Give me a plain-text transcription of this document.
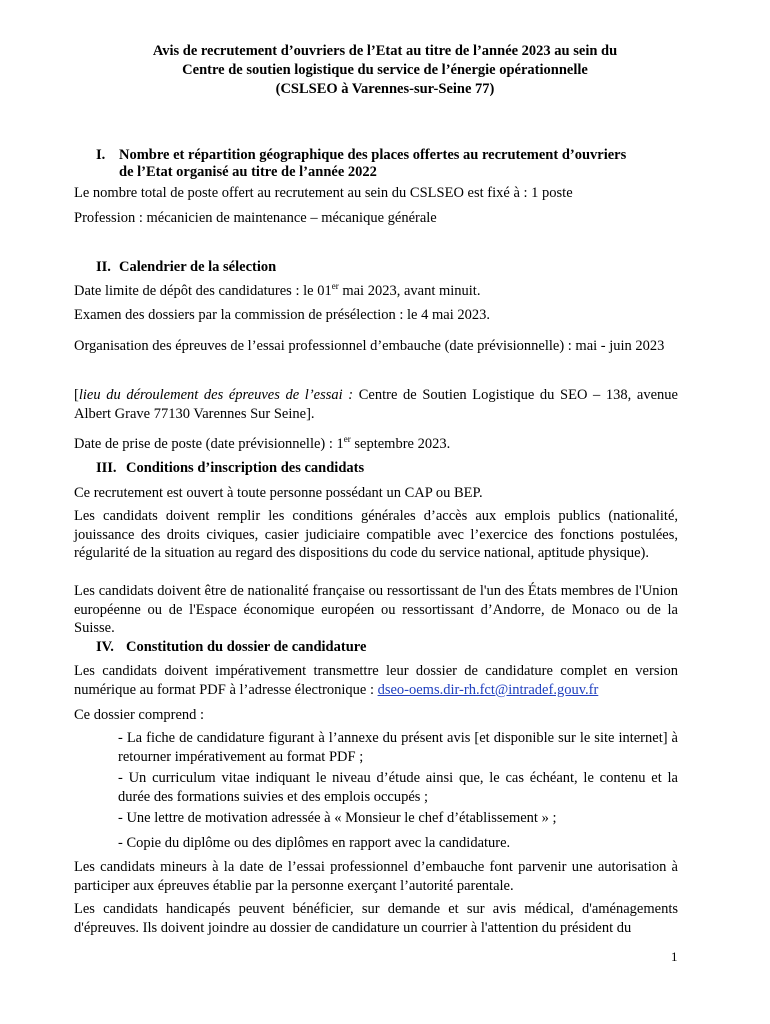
Avis de recrutement d’ouvriers de l’Etat au titre de l’année 2023 au sein du
Centre de soutien logistique du service de l’énergie opérationnelle
(CSLSEO à Varennes-sur-Seine 77)
I. Nombre et répartition géographique des places offertes au recrutement d’ouvriers
de l’Etat organisé au titre de l’année 2022
Le nombre total de poste offert au recrutement au sein du CSLSEO est fixé à : 1 poste
Profession : mécanicien de maintenance – mécanique générale
II. Calendrier de la sélection
Date limite de dépôt des candidatures : le 01er mai 2023, avant minuit.
Examen des dossiers par la commission de présélection : le 4 mai 2023.
Organisation des épreuves de l’essai professionnel d’embauche (date prévisionnelle) : mai - juin 2023
[lieu du déroulement des épreuves de l’essai : Centre de Soutien Logistique du SEO – 138, avenue Albert Grave 77130 Varennes Sur Seine].
Date de prise de poste (date prévisionnelle) : 1er septembre 2023.
III. Conditions d’inscription des candidats
Ce recrutement est ouvert à toute personne possédant un CAP ou BEP.
Les candidats doivent remplir les conditions générales d’accès aux emplois publics (nationalité, jouissance des droits civiques, casier judiciaire compatible avec l’exercice des fonctions postulées, régularité de la situation au regard des dispositions du code du service national, aptitude physique).
Les candidats doivent être de nationalité française ou ressortissant de l'un des États membres de l'Union européenne ou de l'Espace économique européen ou ressortissant d’Andorre, de Monaco ou de la Suisse.
IV. Constitution du dossier de candidature
Les candidats doivent impérativement transmettre leur dossier de candidature complet en version numérique au format PDF à l’adresse électronique : dseo-oems.dir-rh.fct@intradef.gouv.fr
Ce dossier comprend :
- La fiche de candidature figurant à l’annexe du présent avis [et disponible sur le site internet] à retourner impérativement au format PDF ;
- Un curriculum vitae indiquant le niveau d’étude ainsi que, le cas échéant, le contenu et la durée des formations suivies et des emplois occupés ;
- Une lettre de motivation adressée à « Monsieur le chef d’établissement » ;
- Copie du diplôme ou des diplômes en rapport avec la candidature.
Les candidats mineurs à la date de l’essai professionnel d’embauche font parvenir une autorisation à participer aux épreuves établie par la personne exerçant l’autorité parentale.
Les candidats handicapés peuvent bénéficier, sur demande et sur avis médical, d'aménagements d'épreuves. Ils doivent joindre au dossier de candidature un courrier à l'attention du président du
1
